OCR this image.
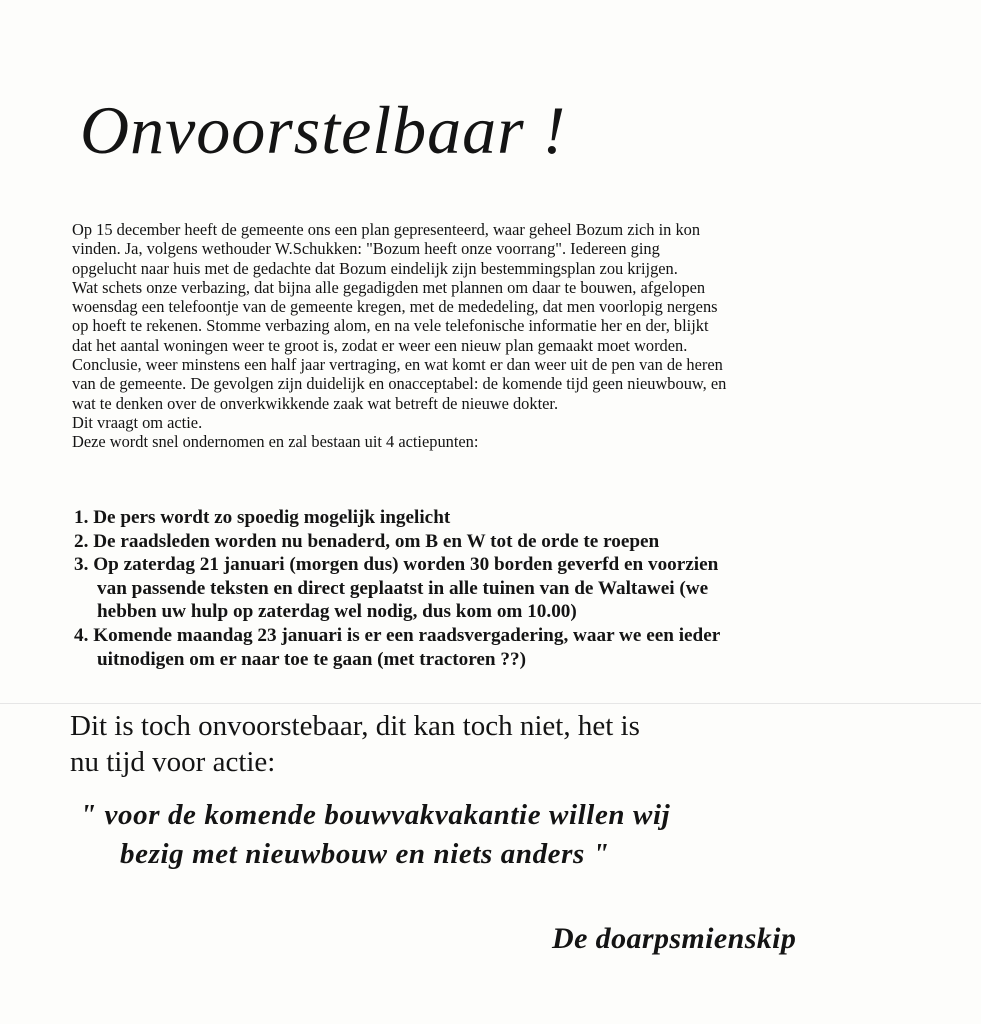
Onvoorstelbaar !

Op 15 december heeft de gemeente ons een plan gepresenteerd, waar geheel Bozum zich in kon

vinden. Ja, volgens wethouder W.Schukken: "Bozum heeft onze voorrang". Iedereen ging

opgelucht naar huis met de gedachte dat Bozum eindelijk zijn bestemmingsplan zou krijgen.

Wat schets onze verbazing, dat bijna alle gegadigden met plannen om daar te bouwen, afgelopen

woensdag een telefoontje van de gemeente kregen, met de mededeling, dat men voorlopig nergens

op hoeft te rekenen. Stomme verbazing alom, en na vele telefonische informatie her en der, blijkt

dat het aantal woningen weer te groot is, zodat er weer een nieuw plan gemaakt moet worden.

Conclusie, weer minstens een half jaar vertraging, en wat komt er dan weer uit de pen van de heren

van de gemeente. De gevolgen zijn duidelijk en onacceptabel: de komende tijd geen nieuwbouw, en

wat te denken over de onverkwikkende zaak wat betreft de nieuwe dokter.

Dit vraagt om actie.

Deze wordt snel ondernomen en zal bestaan uit 4 actiepunten:

1. De pers wordt zo spoedig mogelijk ingelicht
2. De raadsleden worden nu benaderd, om B en W tot de orde te roepen
3. Op zaterdag 21 januari (morgen dus) worden 30 borden geverfd en voorzien
van passende teksten en direct geplaatst in alle tuinen van de Waltawei (we
hebben uw hulp op zaterdag wel nodig, dus kom om 10.00)
4. Komende maandag 23 januari is er een raadsvergadering, waar we een ieder
uitnodigen om er naar toe te gaan (met tractoren ??)
Dit is toch onvoorstebaar, dit kan toch niet, het is
nu tijd voor actie:
" voor de komende bouwvakvakantie willen wij
bezig met nieuwbouw en niets anders "
De doarpsmienskip
